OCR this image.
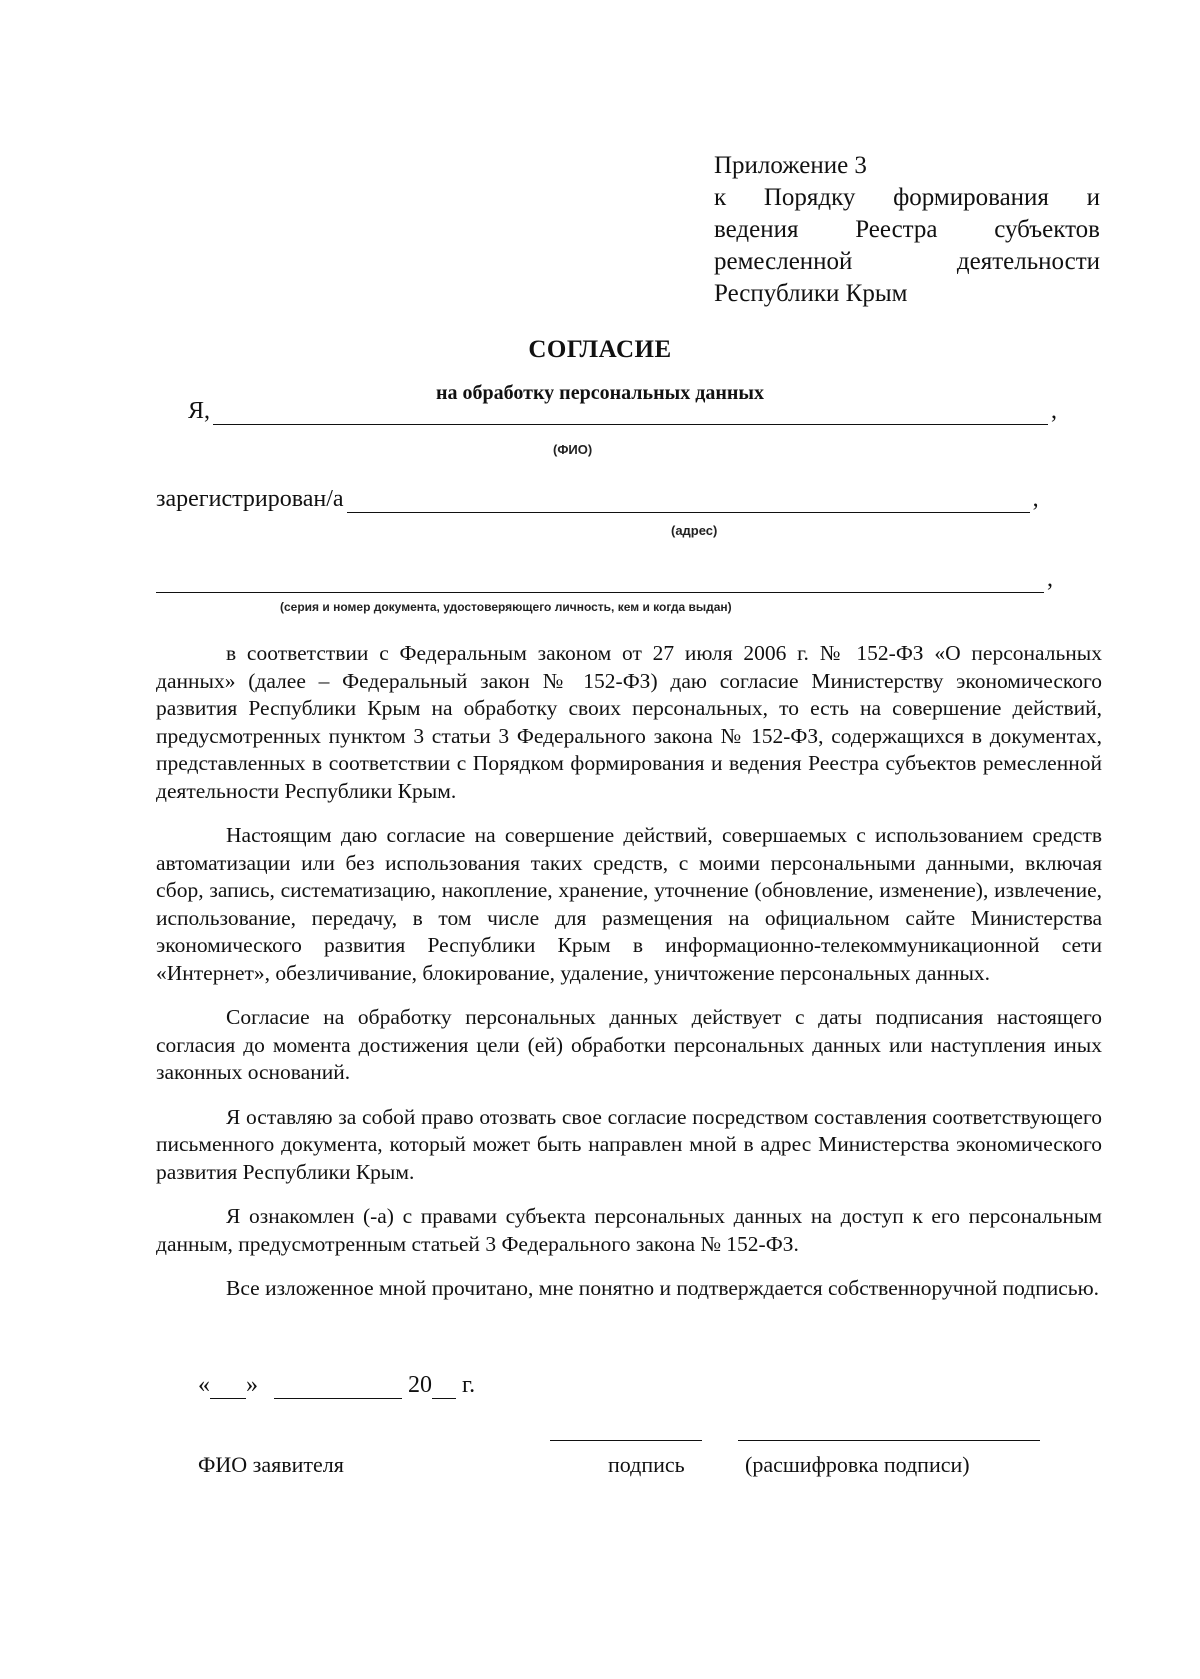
Приложение 3
к Порядку формирования и
ведения Реестра субъектов
ремесленной деятельности
Республики Крым
СОГЛАСИЕ
на обработку персональных данных
Я,	,
(ФИО)
зарегистрирован/а	,
(адрес)
,
(серия и номер документа, удостоверяющего личность, кем и когда выдан)

в соответствии с Федеральным законом от 27 июля 2006 г. № 152-ФЗ «О персональных данных» (далее – Федеральный закон № 152-ФЗ) даю согласие Министерству экономического развития Республики Крым на обработку своих персональных, то есть на совершение действий, предусмотренных пунктом 3 статьи 3 Федерального закона № 152-ФЗ, содержащихся в документах, представленных в соответствии с Порядком формирования и ведения Реестра субъектов ремесленной деятельности Республики Крым.

Настоящим даю согласие на совершение действий, совершаемых с использованием средств автоматизации или без использования таких средств, с моими персональными данными, включая сбор, запись, систематизацию, накопление, хранение, уточнение (обновление, изменение), извлечение, использование, передачу, в том числе для размещения на официальном сайте Министерства экономического развития Республики Крым в информационно-телекоммуникационной сети «Интернет», обезличивание, блокирование, удаление, уничтожение персональных данных.

Согласие на обработку персональных данных действует с даты подписания настоящего согласия до момента достижения цели (ей) обработки персональных данных или наступления иных законных оснований.

Я оставляю за собой право отозвать свое согласие посредством составления соответствующего письменного документа, который может быть направлен мной в адрес Министерства экономического развития Республики Крым.

Я ознакомлен (-а) с правами субъекта персональных данных на доступ к его персональным данным, предусмотренным статьей 3 Федерального закона № 152-ФЗ.

Все изложенное мной прочитано, мне понятно и подтверждается собственноручной подписью.

« »	20 г.
ФИО заявителя	подпись	(расшифровка подписи)
